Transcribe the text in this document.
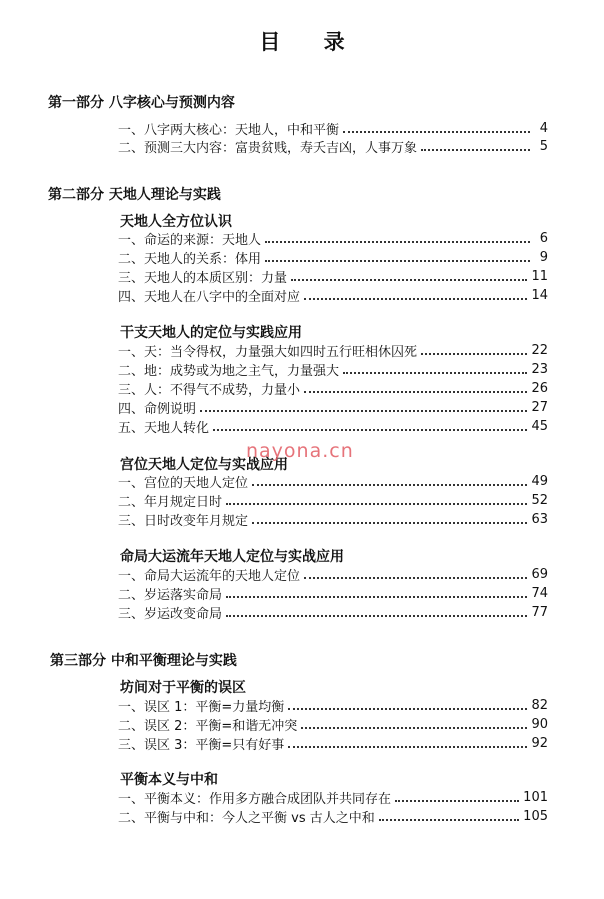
目 录
第一部分 八字核心与预测内容
一、八字两大核心：天地人，中和平衡	4
二、预测三大内容：富贵贫贱，寿夭吉凶，人事万象	5
第二部分 天地人理论与实践
天地人全方位认识
一、命运的来源：天地人	6
二、天地人的关系：体用	9
三、天地人的本质区别：力量	11
四、天地人在八字中的全面对应	14
干支天地人的定位与实践应用
一、天：当令得权，力量强大如四时五行旺相休囚死	22
二、地：成势或为地之主气，力量强大	23
三、人：不得气不成势，力量小	26
四、命例说明	27
五、天地人转化	45
宫位天地人定位与实战应用
一、宫位的天地人定位	49
二、年月规定日时	52
三、日时改变年月规定	63
命局大运流年天地人定位与实战应用
一、命局大运流年的天地人定位	69
二、岁运落实命局	74
三、岁运改变命局	77
第三部分 中和平衡理论与实践
坊间对于平衡的误区
一、误区 1：平衡=力量均衡	82
二、误区 2：平衡=和谐无冲突	90
三、误区 3：平衡=只有好事	92
平衡本义与中和
一、平衡本义：作用多方融合成团队并共同存在	101
二、平衡与中和：今人之平衡 vs 古人之中和	105
nayona.cn
